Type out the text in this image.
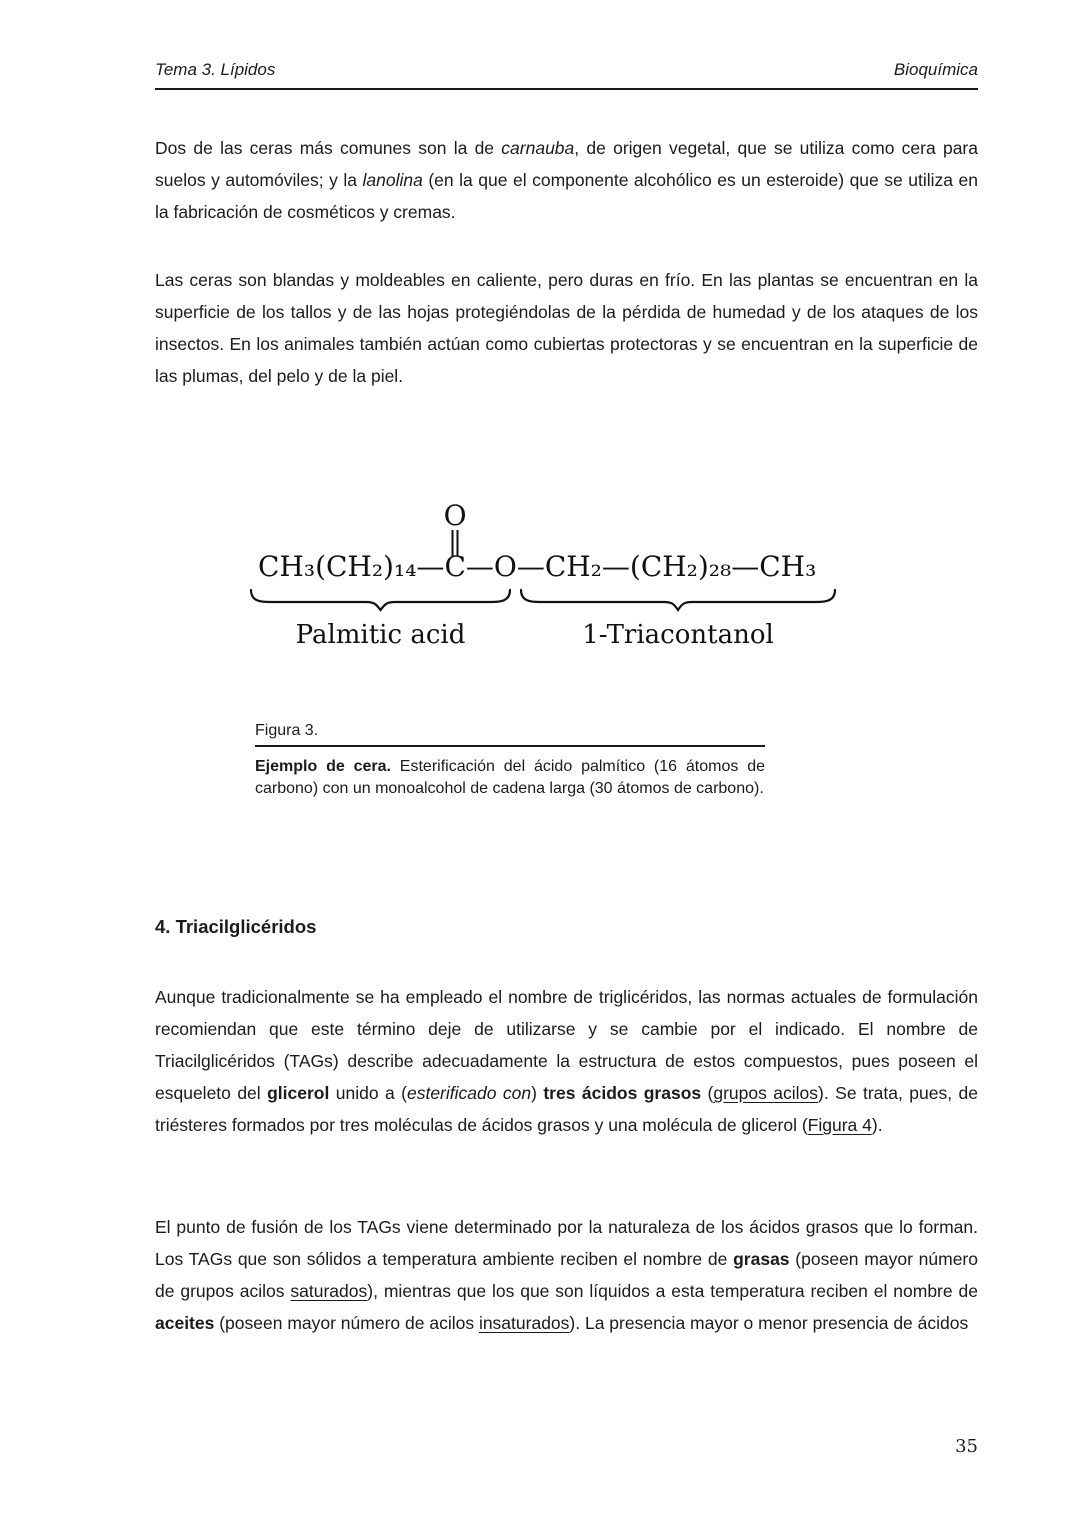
Tema 3. Lípidos	Bioquímica

Dos de las ceras más comunes son la de carnauba, de origen vegetal, que se utiliza como cera para suelos y automóviles; y la lanolina (en la que el componente alcohólico es un esteroide) que se utiliza en la fabricación de cosméticos y cremas.

Las ceras son blandas y moldeables en caliente, pero duras en frío. En las plantas se encuentran en la superficie de los tallos y de las hojas protegiéndolas de la pérdida de humedad y de los ataques de los insectos. En los animales también actúan como cubiertas protectoras y se encuentran en la superficie de las plumas, del pelo y de la piel.

CH₃(CH₂)₁₄—
O
C—O—CH₂—(CH₂)₂₈—CH₃
Palmitic acid	1-Triacontanol
Figura 3.

Ejemplo de cera. Esterificación del ácido palmítico (16 átomos de carbono) con un monoalcohol de cadena larga (30 átomos de carbono).

4. Triacilglicéridos

Aunque tradicionalmente se ha empleado el nombre de triglicéridos, las normas actuales de formulación recomiendan que este término deje de utilizarse y se cambie por el indicado. El nombre de Triacilglicéridos (TAGs) describe adecuadamente la estructura de estos compuestos, pues poseen el esqueleto del glicerol unido a (esterificado con) tres ácidos grasos (grupos acilos). Se trata, pues, de triésteres formados por tres moléculas de ácidos grasos y una molécula de glicerol (Figura 4).

El punto de fusión de los TAGs viene determinado por la naturaleza de los ácidos grasos que lo forman. Los TAGs que son sólidos a temperatura ambiente reciben el nombre de grasas (poseen mayor número de grupos acilos saturados), mientras que los que son líquidos a esta temperatura reciben el nombre de aceites (poseen mayor número de acilos insaturados). La presencia mayor o menor presencia de ácidos

35
